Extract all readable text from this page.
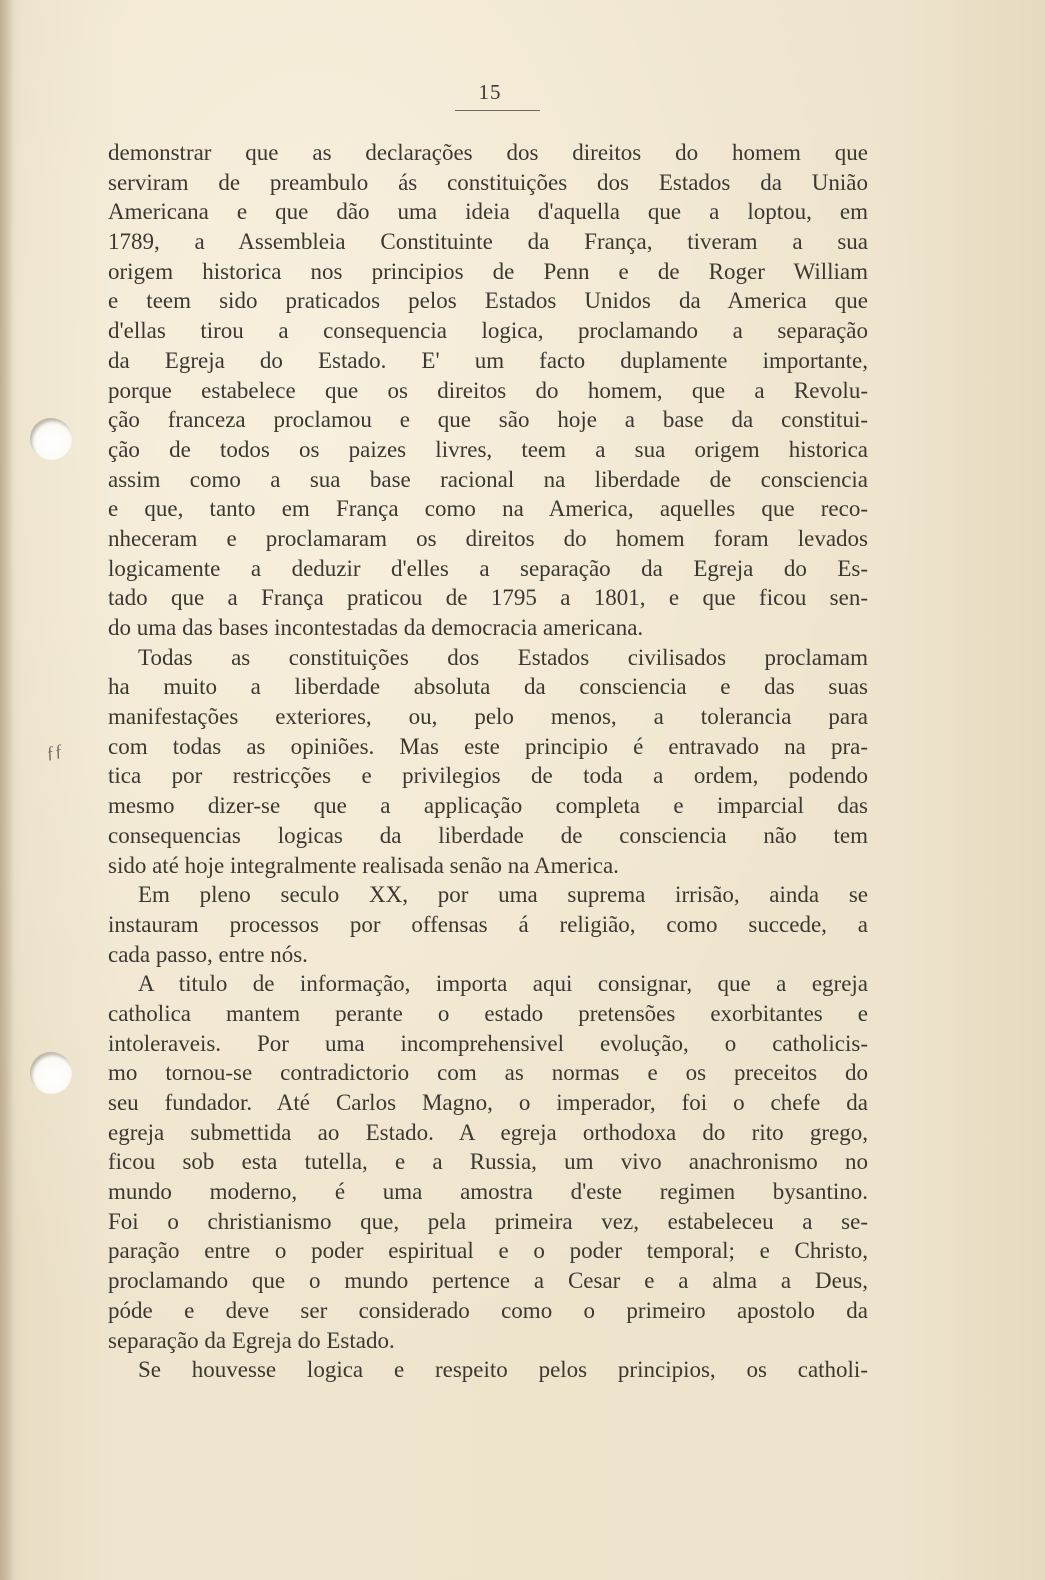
ƒƒ
15
demonstrar que as declarações dos direitos do homem que
serviram de preambulo ás constituições dos Estados da União
Americana e que dão uma ideia d'aquella que a loptou, em
1789, a Assembleia Constituinte da França, tiveram a sua
origem historica nos principios de Penn e de Roger William
e teem sido praticados pelos Estados Unidos da America que
d'ellas tirou a consequencia logica, proclamando a separação
da Egreja do Estado. E' um facto duplamente importante,
porque estabelece que os direitos do homem, que a Revolu-
ção franceza proclamou e que são hoje a base da constitui-
ção de todos os paizes livres, teem a sua origem historica
assim como a sua base racional na liberdade de consciencia
e que, tanto em França como na America, aquelles que reco-
nheceram e proclamaram os direitos do homem foram levados
logicamente a deduzir d'elles a separação da Egreja do Es-
tado que a França praticou de 1795 a 1801, e que ficou sen-
do uma das bases incontestadas da democracia americana.
Todas as constituições dos Estados civilisados proclamam
ha muito a liberdade absoluta da consciencia e das suas
manifestações exteriores, ou, pelo menos, a tolerancia para
com todas as opiniões. Mas este principio é entravado na pra-
tica por restricções e privilegios de toda a ordem, podendo
mesmo dizer-se que a applicação completa e imparcial das
consequencias logicas da liberdade de consciencia não tem
sido até hoje integralmente realisada senão na America.
Em pleno seculo XX, por uma suprema irrisão, ainda se
instauram processos por offensas á religião, como succede, a
cada passo, entre nós.
A titulo de informação, importa aqui consignar, que a egreja
catholica mantem perante o estado pretensões exorbitantes e
intoleraveis. Por uma incomprehensivel evolução, o catholicis-
mo tornou-se contradictorio com as normas e os preceitos do
seu fundador. Até Carlos Magno, o imperador, foi o chefe da
egreja submettida ao Estado. A egreja orthodoxa do rito grego,
ficou sob esta tutella, e a Russia, um vivo anachronismo no
mundo moderno, é uma amostra d'este regimen bysantino.
Foi o christianismo que, pela primeira vez, estabeleceu a se-
paração entre o poder espiritual e o poder temporal; e Christo,
proclamando que o mundo pertence a Cesar e a alma a Deus,
póde e deve ser considerado como o primeiro apostolo da
separação da Egreja do Estado.
Se houvesse logica e respeito pelos principios, os catholi-
